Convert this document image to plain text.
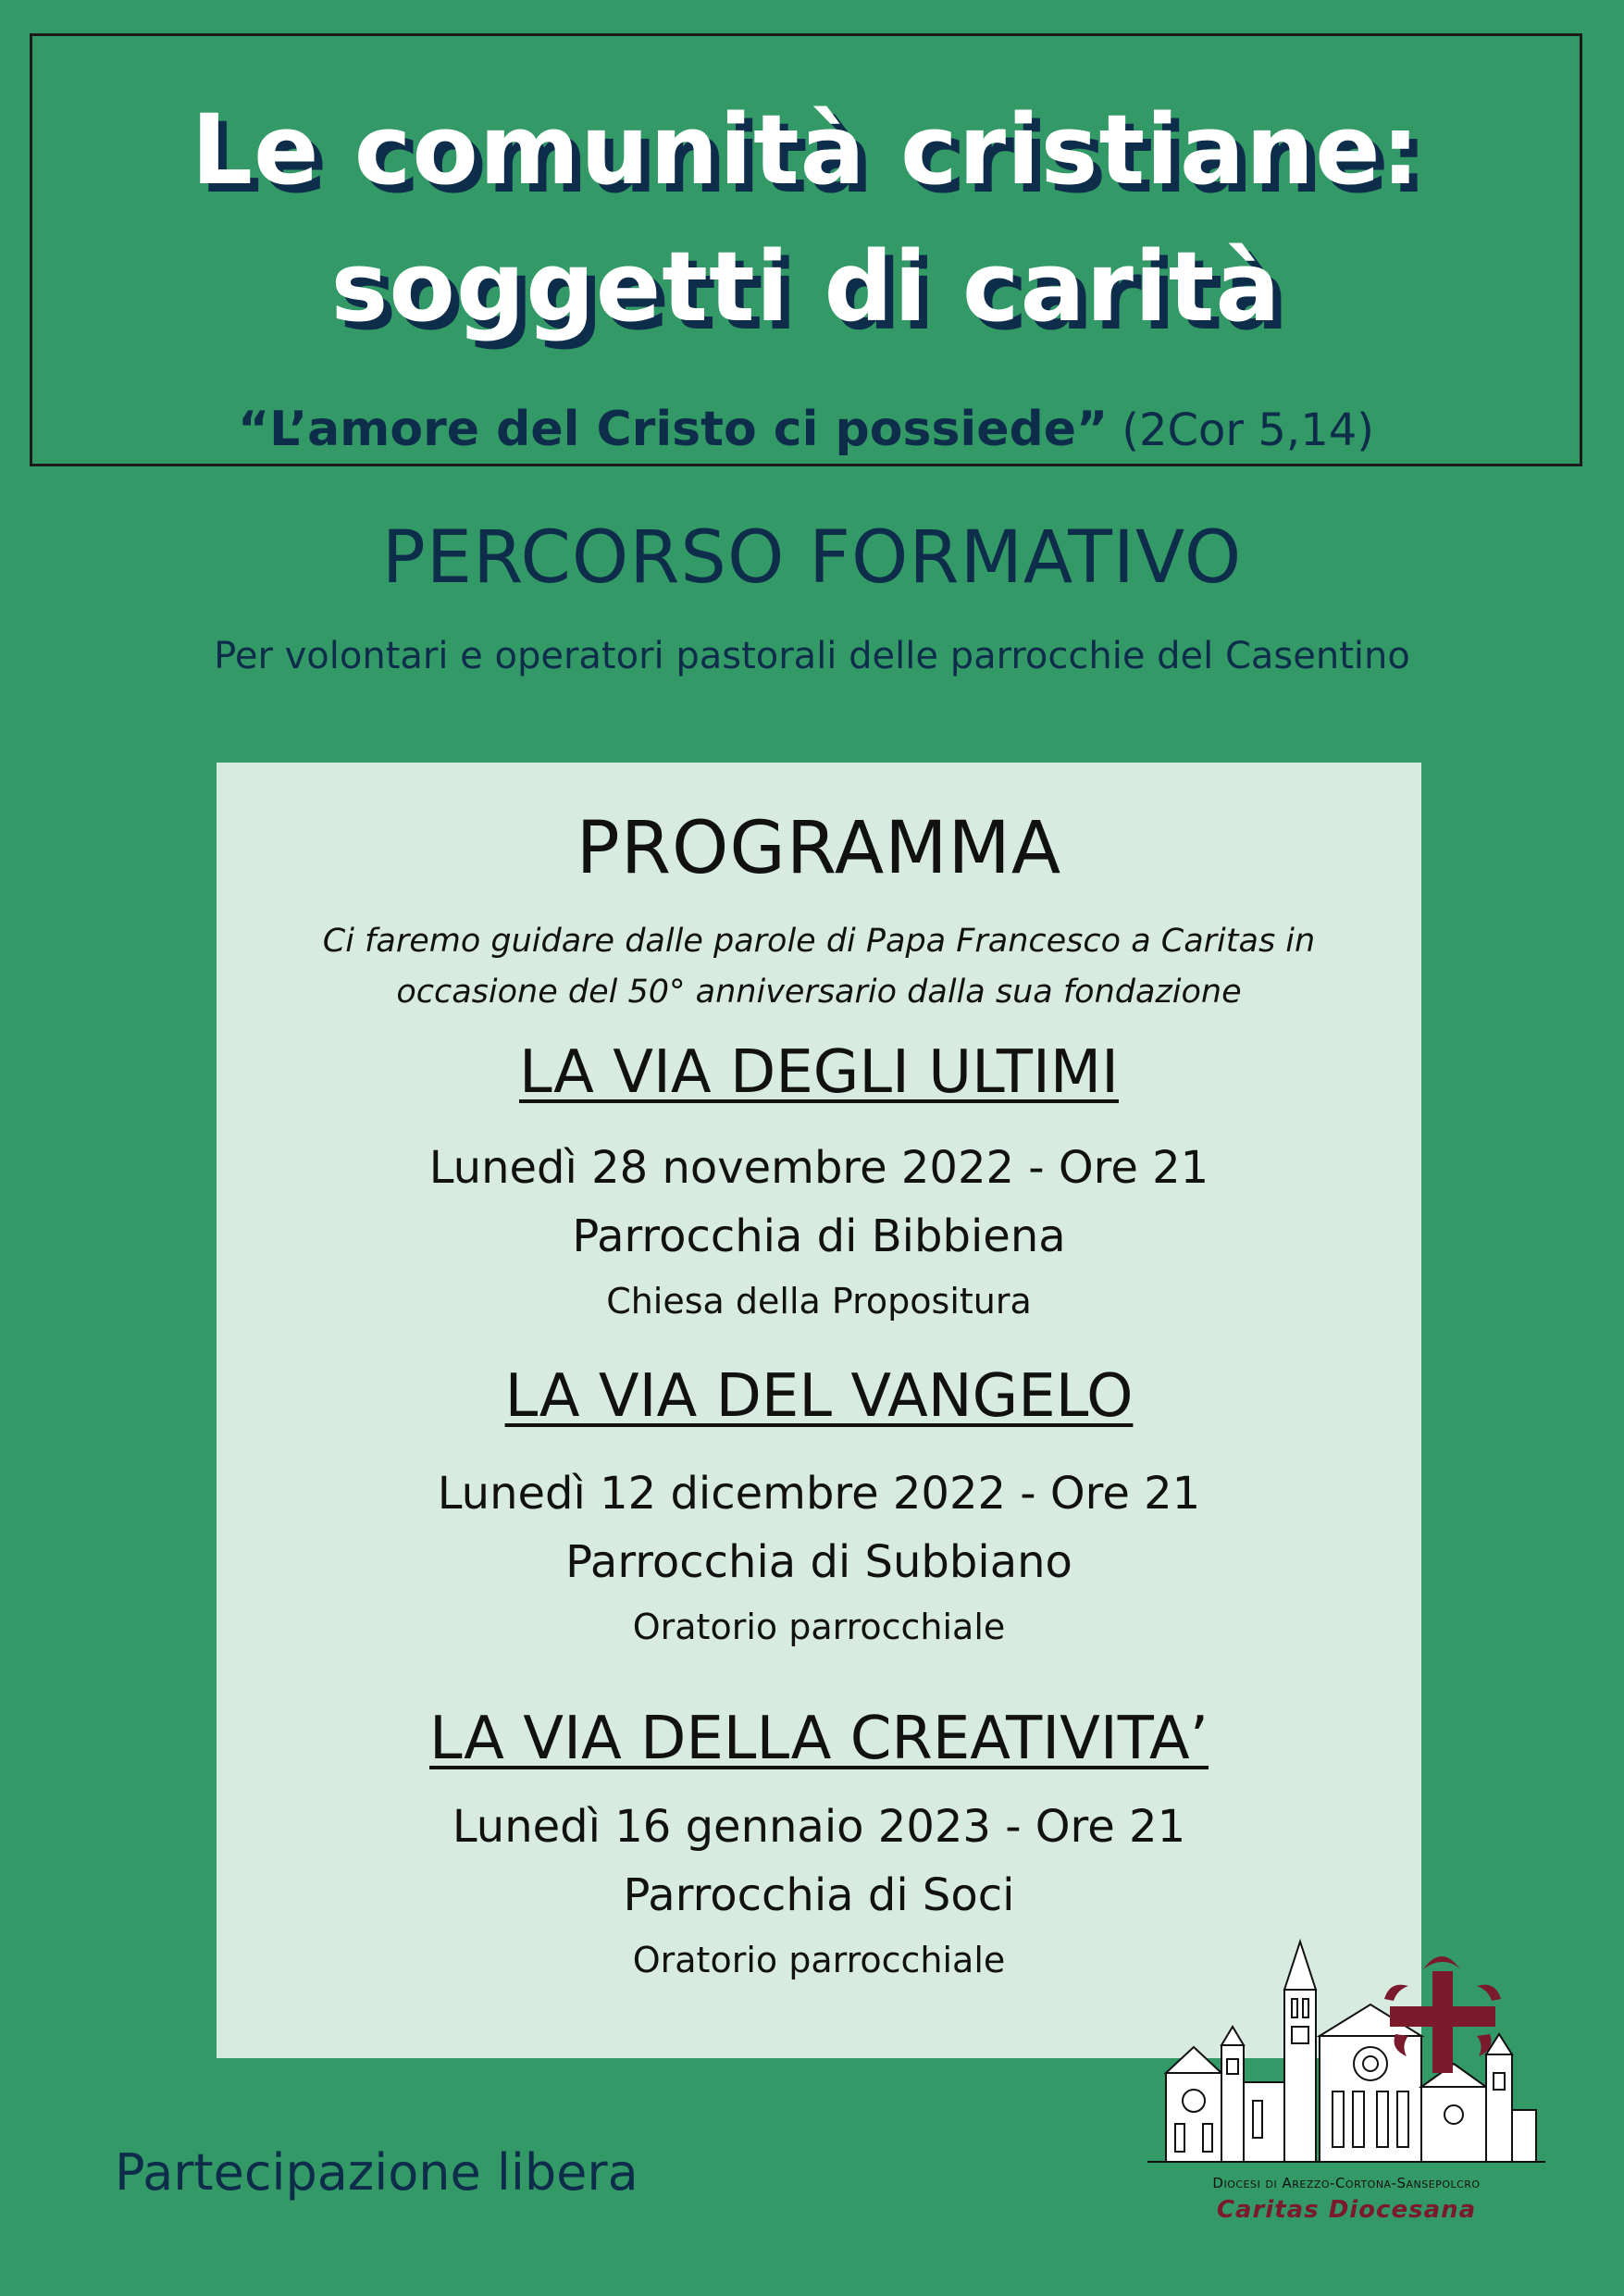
Le comunità cristiane:
soggetti di carità
“L’amore del Cristo ci possiede” (2Cor 5,14)
PERCORSO FORMATIVO
Per volontari e operatori pastorali delle parrocchie del Casentino
PROGRAMMA
Ci faremo guidare dalle parole di Papa Francesco a Caritas in
occasione del 50° anniversario dalla sua fondazione
LA VIA DEGLI ULTIMI
Lunedì 28 novembre 2022 - Ore 21
Parrocchia di Bibbiena
Chiesa della Propositura
LA VIA DEL VANGELO
Lunedì 12 dicembre 2022 - Ore 21
Parrocchia di Subbiano
Oratorio parrocchiale
LA VIA DELLA CREATIVITA’
Lunedì 16 gennaio 2023 - Ore 21
Parrocchia di Soci
Oratorio parrocchiale
Partecipazione libera	Diocesi di Arezzo-Cortona-Sansepolcro
Caritas Diocesana
